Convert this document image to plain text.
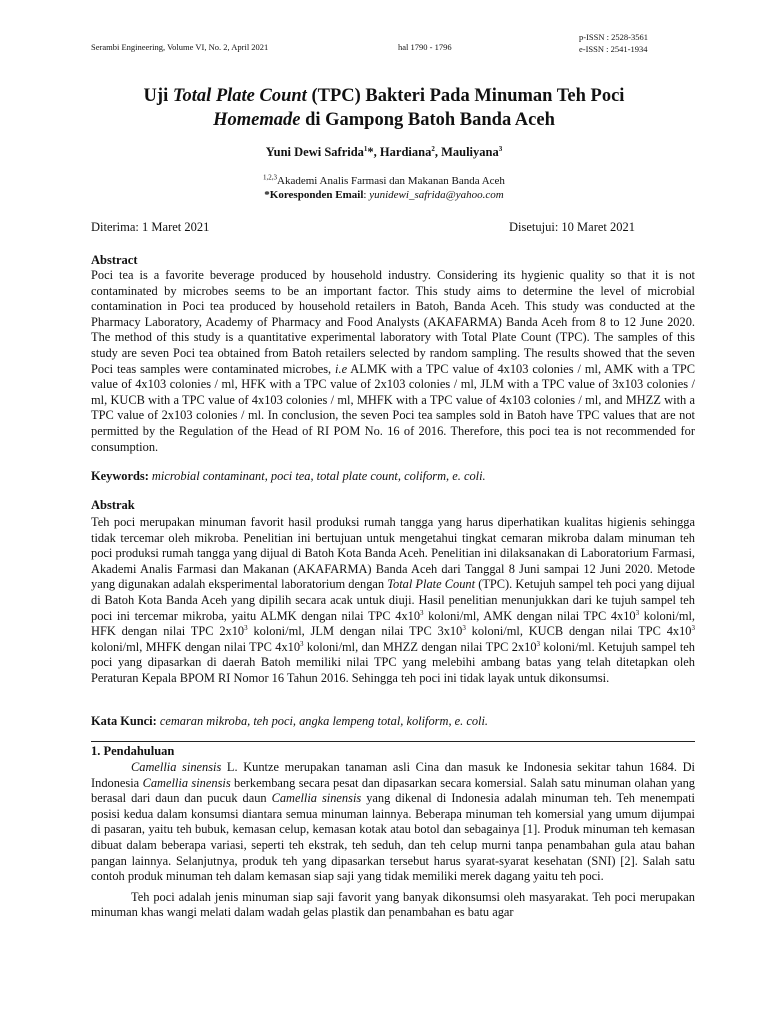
Serambi Engineering, Volume VI, No. 2, April 2021	hal 1790 - 1796
p-ISSN : 2528-3561
e-ISSN : 2541-1934
Uji Total Plate Count (TPC) Bakteri Pada Minuman Teh Poci
Homemade di Gampong Batoh Banda Aceh
Yuni Dewi Safrida$^1$*, Hardiana$^2$, Mauliyana$^3$
$^{1,2,3}$Akademi Analis Farmasi dan Makanan Banda Aceh
*Koresponden Email: yunidewi_safrida@yahoo.com
Diterima: 1 Maret 2021	Disetujui: 10 Maret 2021
Abstract
Poci tea is a favorite beverage produced by household industry. Considering its hygienic quality so that it is not contaminated by microbes seems to be an important factor. This study aims to determine the level of microbial contamination in Poci tea produced by household retailers in Batoh, Banda Aceh. This study was conducted at the Pharmacy Laboratory, Academy of Pharmacy and Food Analysts (AKAFARMA) Banda Aceh from 8 to 12 June 2020. The method of this study is a quantitative experimental laboratory with Total Plate Count (TPC). The samples of this study are seven Poci tea obtained from Batoh retailers selected by random sampling. The results showed that the seven Poci teas samples were contaminated microbes, i.e ALMK with a TPC value of 4x103 colonies / ml, AMK with a TPC value of 4x103 colonies / ml, HFK with a TPC value of 2x103 colonies / ml, JLM with a TPC value of 3x103 colonies / ml, KUCB with a TPC value of 4x103 colonies / ml, MHFK with a TPC value of 4x103 colonies / ml, and MHZZ with a TPC value of 2x103 colonies / ml. In conclusion, the seven Poci tea samples sold in Batoh have TPC values that are not permitted by the Regulation of the Head of RI POM No. 16 of 2016. Therefore, this poci tea is not recommended for consumption.
Keywords: microbial contaminant, poci tea, total plate count, coliform, e. coli.
Abstrak
Teh poci merupakan minuman favorit hasil produksi rumah tangga yang harus diperhatikan kualitas higienis sehingga tidak tercemar oleh mikroba. Penelitian ini bertujuan untuk mengetahui tingkat cemaran mikroba dalam minuman teh poci produksi rumah tangga yang dijual di Batoh Kota Banda Aceh. Penelitian ini dilaksanakan di Laboratorium Farmasi, Akademi Analis Farmasi dan Makanan (AKAFARMA) Banda Aceh dari Tanggal 8 Juni sampai 12 Juni 2020. Metode yang digunakan adalah eksperimental laboratorium dengan Total Plate Count (TPC). Ketujuh sampel teh poci yang dijual di Batoh Kota Banda Aceh yang dipilih secara acak untuk diuji. Hasil penelitian menunjukkan dari ke tujuh sampel teh poci ini tercemar mikroba, yaitu ALMK dengan nilai TPC $4x10^3$ koloni/ml, AMK dengan nilai TPC $4x10^3$ koloni/ml, HFK dengan nilai TPC $2x10^3$ koloni/ml, JLM dengan nilai TPC $3x10^3$ koloni/ml, KUCB dengan nilai TPC $4x10^3$ koloni/ml, MHFK dengan nilai TPC $4x10^3$ koloni/ml, dan MHZZ dengan nilai TPC $2x10^3$ koloni/ml. Ketujuh sampel teh poci yang dipasarkan di daerah Batoh memiliki nilai TPC yang melebihi ambang batas yang telah ditetapkan oleh Peraturan Kepala BPOM RI Nomor 16 Tahun 2016. Sehingga teh poci ini tidak layak untuk dikonsumsi.
Kata Kunci: cemaran mikroba, teh poci, angka lempeng total, koliform, e. coli.
1. Pendahuluan

Camellia sinensis L. Kuntze merupakan tanaman asli Cina dan masuk ke Indonesia sekitar tahun 1684. Di Indonesia Camellia sinensis berkembang secara pesat dan dipasarkan secara komersial. Salah satu minuman olahan yang berasal dari daun dan pucuk daun Camellia sinensis yang dikenal di Indonesia adalah minuman teh. Teh menempati posisi kedua dalam konsumsi diantara semua minuman lainnya. Beberapa minuman teh komersial yang umum dijumpai di pasaran, yaitu teh bubuk, kemasan celup, kemasan kotak atau botol dan sebagainya [1]. Produk minuman teh kemasan dibuat dalam beberapa variasi, seperti teh ekstrak, teh seduh, dan teh celup murni tanpa penambahan gula atau bahan pangan lainnya. Selanjutnya, produk teh yang dipasarkan tersebut harus syarat-syarat kesehatan (SNI) [2]. Salah satu contoh produk minuman teh dalam kemasan siap saji yang tidak memiliki merek dagang yaitu teh poci.

Teh poci adalah jenis minuman siap saji favorit yang banyak dikonsumsi oleh masyarakat. Teh poci merupakan minuman khas wangi melati dalam wadah gelas plastik dan penambahan es batu agar
